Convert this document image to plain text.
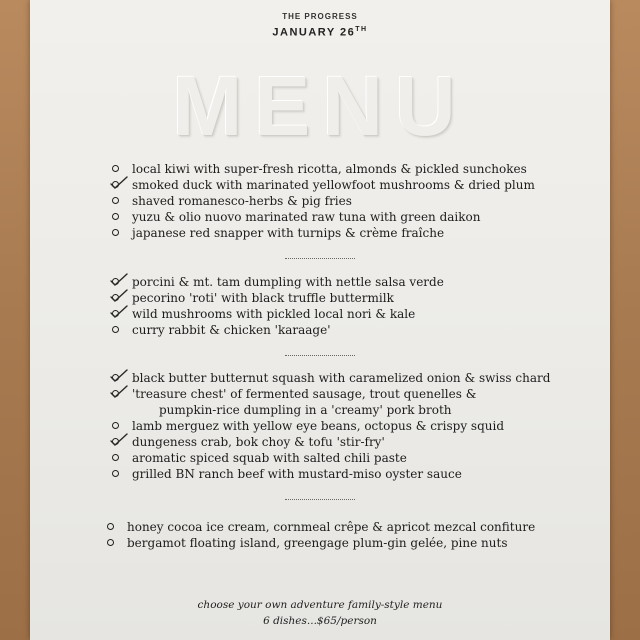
THE PROGRESS
JANUARY 26TH
MENU
local kiwi with super-fresh ricotta, almonds & pickled sunchokes
smoked duck with marinated yellowfoot mushrooms & dried plum
shaved romanesco-herbs & pig fries
yuzu & olio nuovo marinated raw tuna with green daikon
japanese red snapper with turnips & crème fraîche
porcini & mt. tam dumpling with nettle salsa verde
pecorino 'roti' with black truffle buttermilk
wild mushrooms with pickled local nori & kale
curry rabbit & chicken 'karaage'
black butter butternut squash with caramelized onion & swiss chard
'treasure chest' of fermented sausage, trout quenelles &
pumpkin-rice dumpling in a 'creamy' pork broth
lamb merguez with yellow eye beans, octopus & crispy squid
dungeness crab, bok choy & tofu 'stir-fry'
aromatic spiced squab with salted chili paste
grilled BN ranch beef with mustard-miso oyster sauce
honey cocoa ice cream, cornmeal crêpe & apricot mezcal confiture
bergamot floating island, greengage plum-gin gelée, pine nuts
choose your own adventure family-style menu
6 dishes...$65/person
